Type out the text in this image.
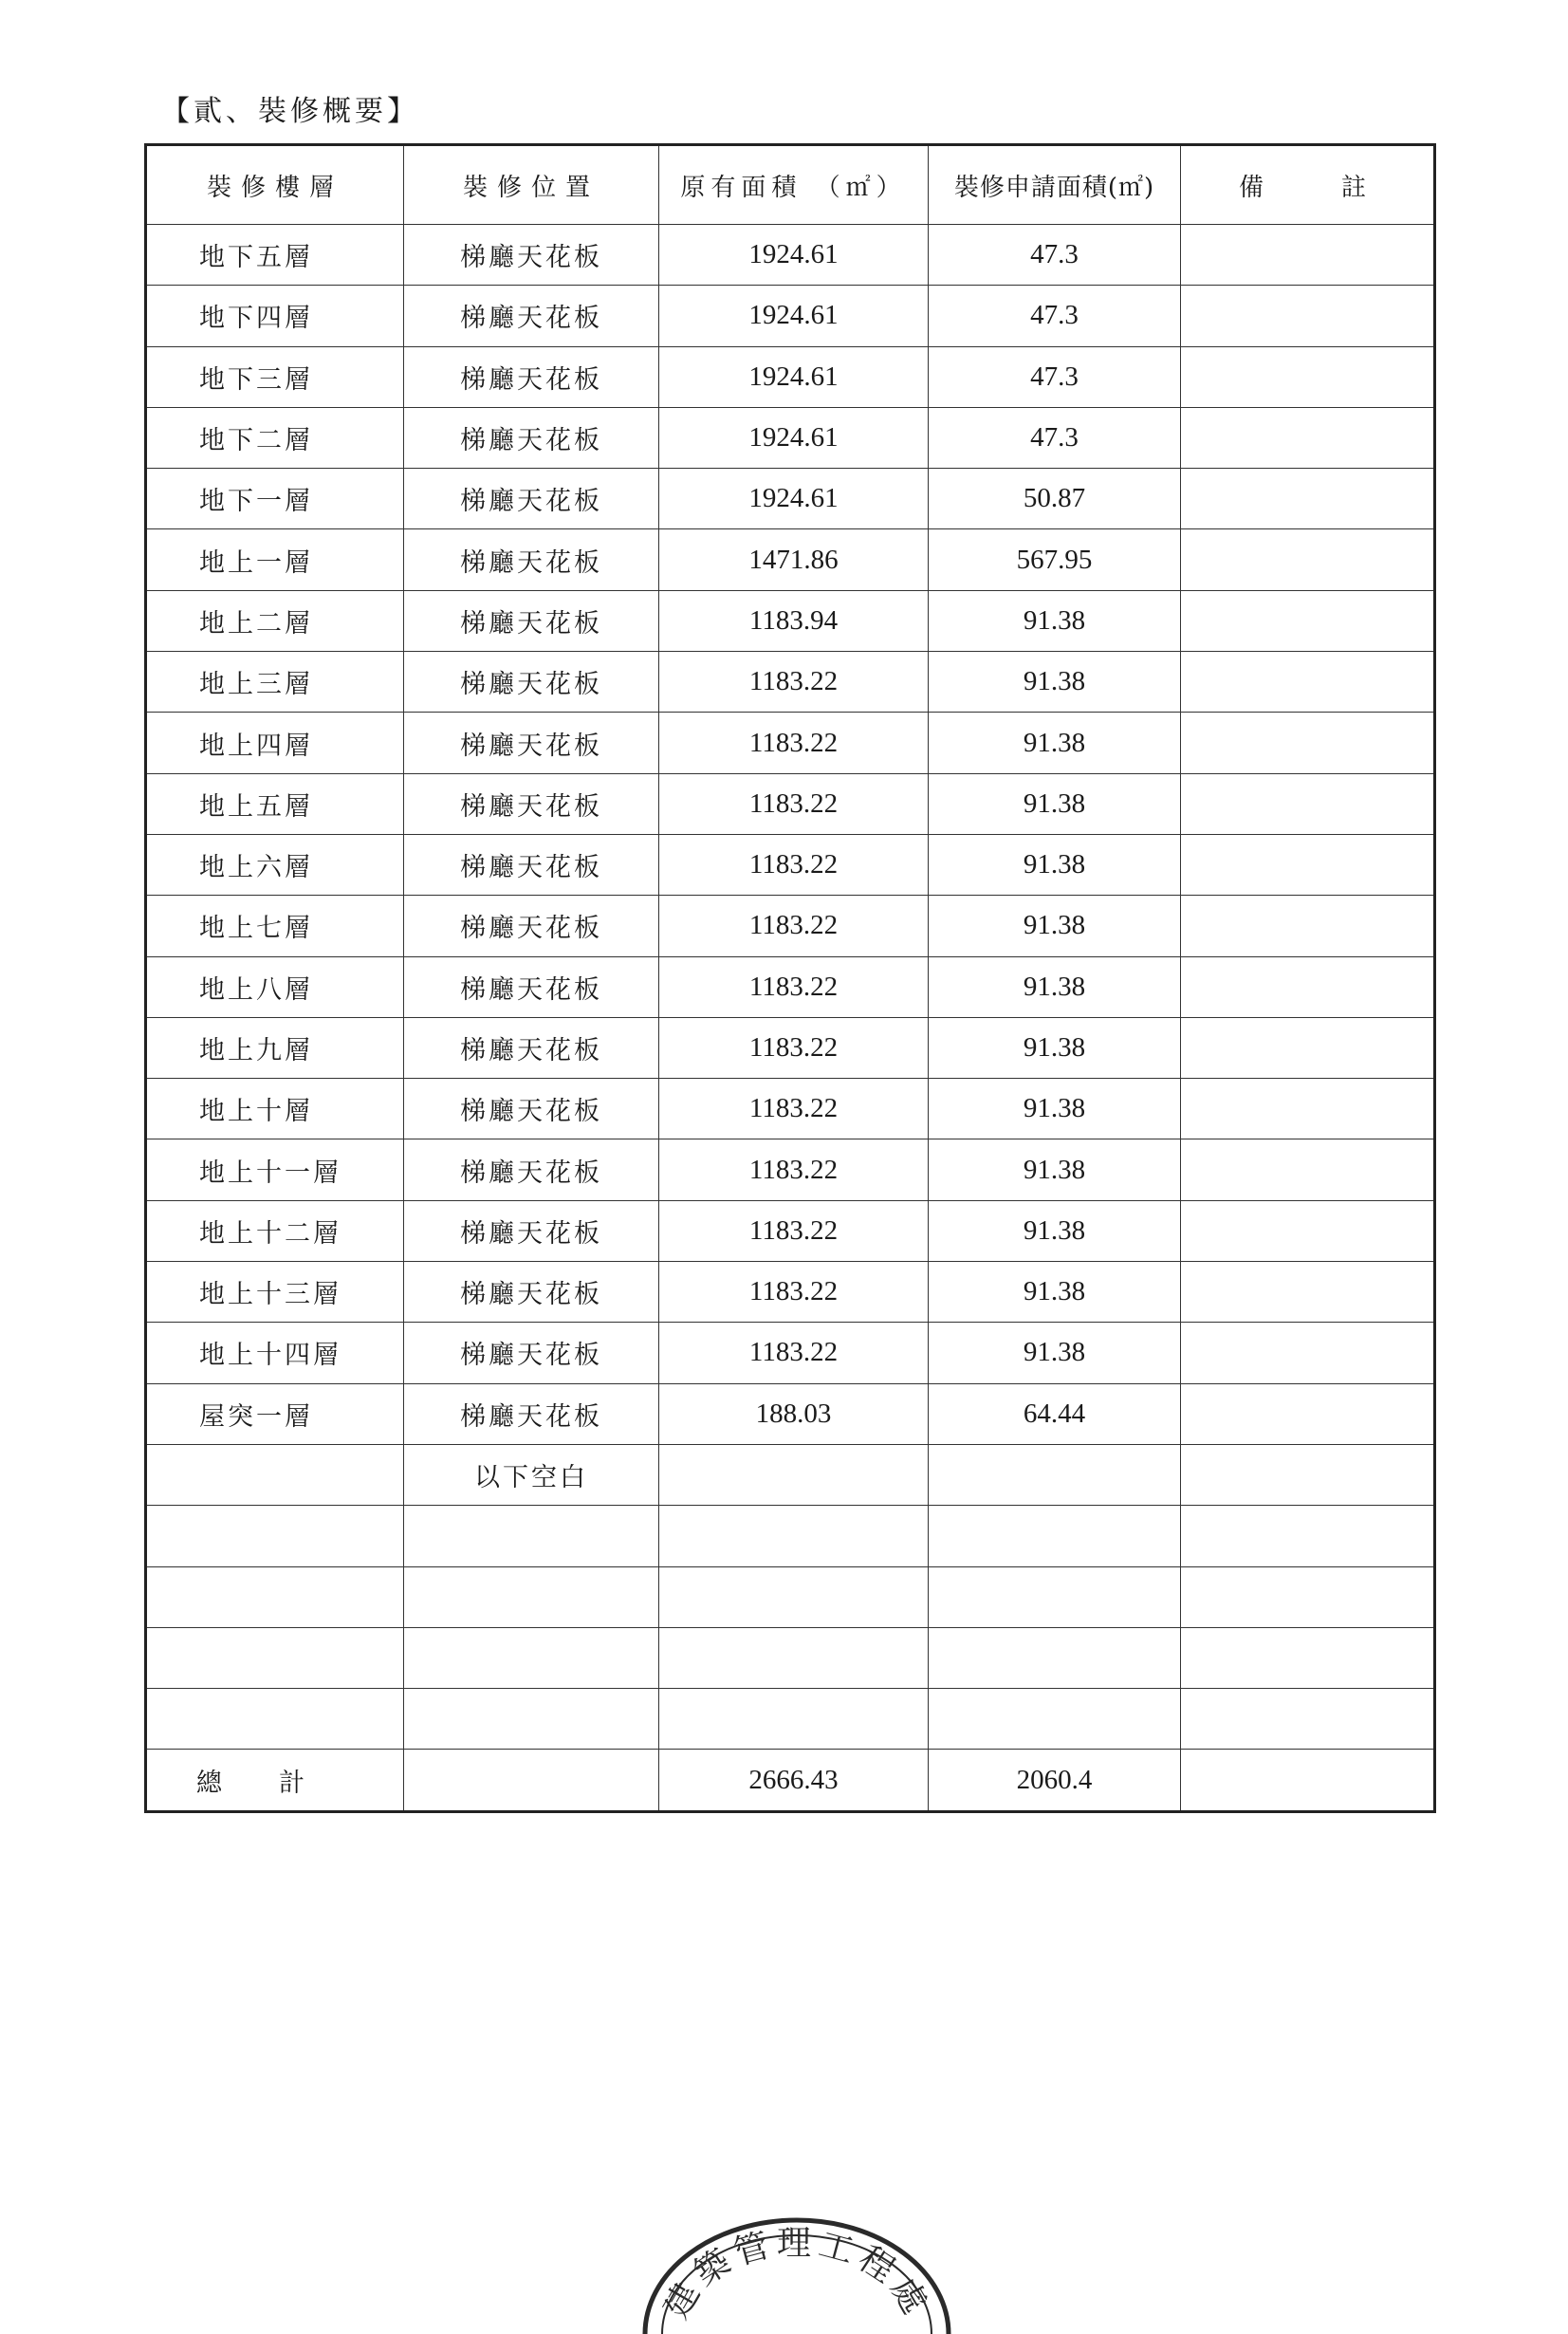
【貳、裝修概要】
裝修樓層	裝修位置	原有面積 （㎡）	裝修申請面積(㎡)	備　　註
地下五層	梯廳天花板	1924.61	47.3	
地下四層	梯廳天花板	1924.61	47.3	
地下三層	梯廳天花板	1924.61	47.3	
地下二層	梯廳天花板	1924.61	47.3	
地下一層	梯廳天花板	1924.61	50.87	
地上一層	梯廳天花板	1471.86	567.95	
地上二層	梯廳天花板	1183.94	91.38	
地上三層	梯廳天花板	1183.22	91.38	
地上四層	梯廳天花板	1183.22	91.38	
地上五層	梯廳天花板	1183.22	91.38	
地上六層	梯廳天花板	1183.22	91.38	
地上七層	梯廳天花板	1183.22	91.38	
地上八層	梯廳天花板	1183.22	91.38	
地上九層	梯廳天花板	1183.22	91.38	
地上十層	梯廳天花板	1183.22	91.38	
地上十一層	梯廳天花板	1183.22	91.38	
地上十二層	梯廳天花板	1183.22	91.38	
地上十三層	梯廳天花板	1183.22	91.38	
地上十四層	梯廳天花板	1183.22	91.38	
屋突一層	梯廳天花板	188.03	64.44	
	以下空白			

總計		2666.43	2060.4	
建築管理工程處
